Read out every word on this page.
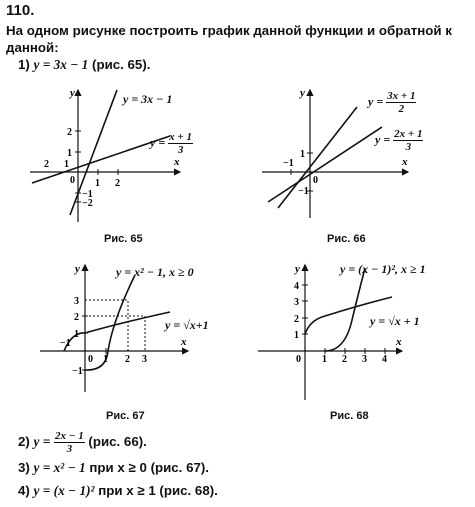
110.
На одном рисунке построить график данной функции и обратной к данной:
1) y = 3x − 1 (рис. 65).
y
x
2
1
2 1
0 1 2
−1
−2
y
x
−1
0
1
−1
y
x
3
2
1
−1
0 1 2 3
−1
y
x
4
3
2
1
0 1 2 3 4
y = 3x − 1
$y = \frac{x + 1}{3}$
Рис. 65
$y = \frac{3x + 1}{2}$
$y = \frac{2x + 1}{3}$
Рис. 66
y = x² − 1, x ≥ 0
y = √x+1
Рис. 67
y = (x − 1)², x ≥ 1
y = √x + 1
Рис. 68
2) $y = \frac{2x - 1}{3} (рис$. 66).
3) y = x² − 1 при x ≥ 0 (рис. 67).
4) y = (x − 1)² при x ≥ 1 (рис. 68).
